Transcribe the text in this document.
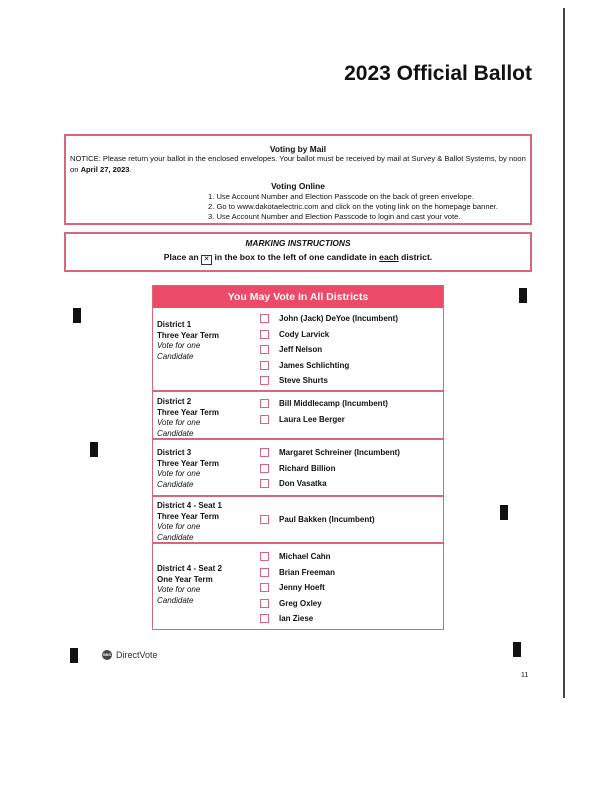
2023 Official Ballot
Voting by Mail
NOTICE: Please return your ballot in the enclosed envelopes. Your ballot must be received by mail at Survey & Ballot Systems, by noon on April 27, 2023.
Voting Online
1. Use Account Number and Election Passcode on the back of green envelope.
2. Go to www.dakotaelectric.com and click on the voting link on the homepage banner.
3. Use Account Number and Election Passcode to login and cast your vote.
MARKING INSTRUCTIONS
Place an ✕ in the box to the left of one candidate in each district.
You May Vote In All Districts
District 1
Three Year Term
Vote for one
Candidate
John (Jack) DeYoe (Incumbent)
Cody Larvick
Jeff Nelson
James Schlichting
Steve Shurts
District 2
Three Year Term
Vote for one
Candidate
Bill Middlecamp (Incumbent)
Laura Lee Berger
District 3
Three Year Term
Vote for one
Candidate
Margaret Schreiner (Incumbent)
Richard Billion
Don Vasatka
District 4 - Seat 1
Three Year Term
Vote for one
Candidate
Paul Bakken (Incumbent)
District 4 - Seat 2
One Year Term
Vote for one
Candidate
Michael Cahn
Brian Freeman
Jenny Hoeft
Greg Oxley
Ian Ziese
SBS DirectVote
11
